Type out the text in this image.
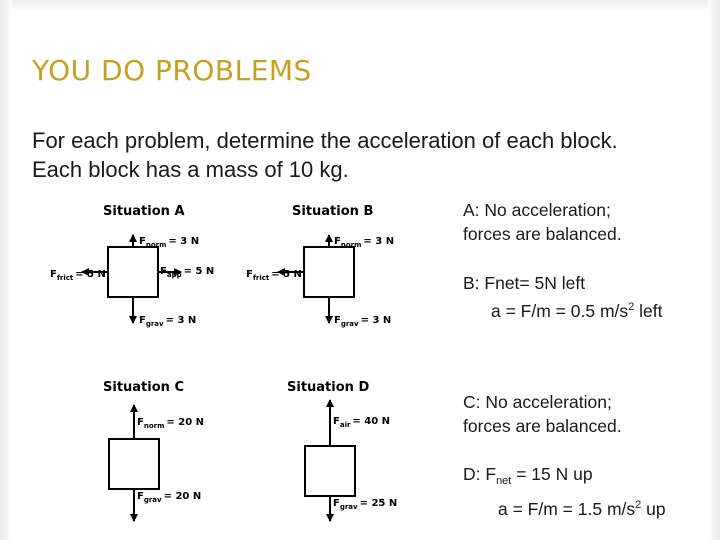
YOU DO PROBLEMS
For each problem, determine the acceleration of each block.
Each block has a mass of 10 kg.
Situation A
$F_{norm} = 3$ N
$F_{frict} = 5$ N	$F_{app} = 5$ N
$F_{grav} = 3$ N
Situation B
$F_{norm} = 3$ N
$F_{frict} = 5$ N
$F_{grav} = 3$ N
Situation C
$F_{norm} = 20$ N
$F_{grav} = 20$ N
Situation D
$F_{air} = 40$ N
$F_{grav} = 25$ N
A: No acceleration;
forces are balanced.
B: Fnet= 5N left
a = F/m = 0.5 $m/s^2$ left
C: No acceleration;
forces are balanced.
D: $F_{net} = 15$ N up
a = F/m = 1.5 $m/s^2$ up
